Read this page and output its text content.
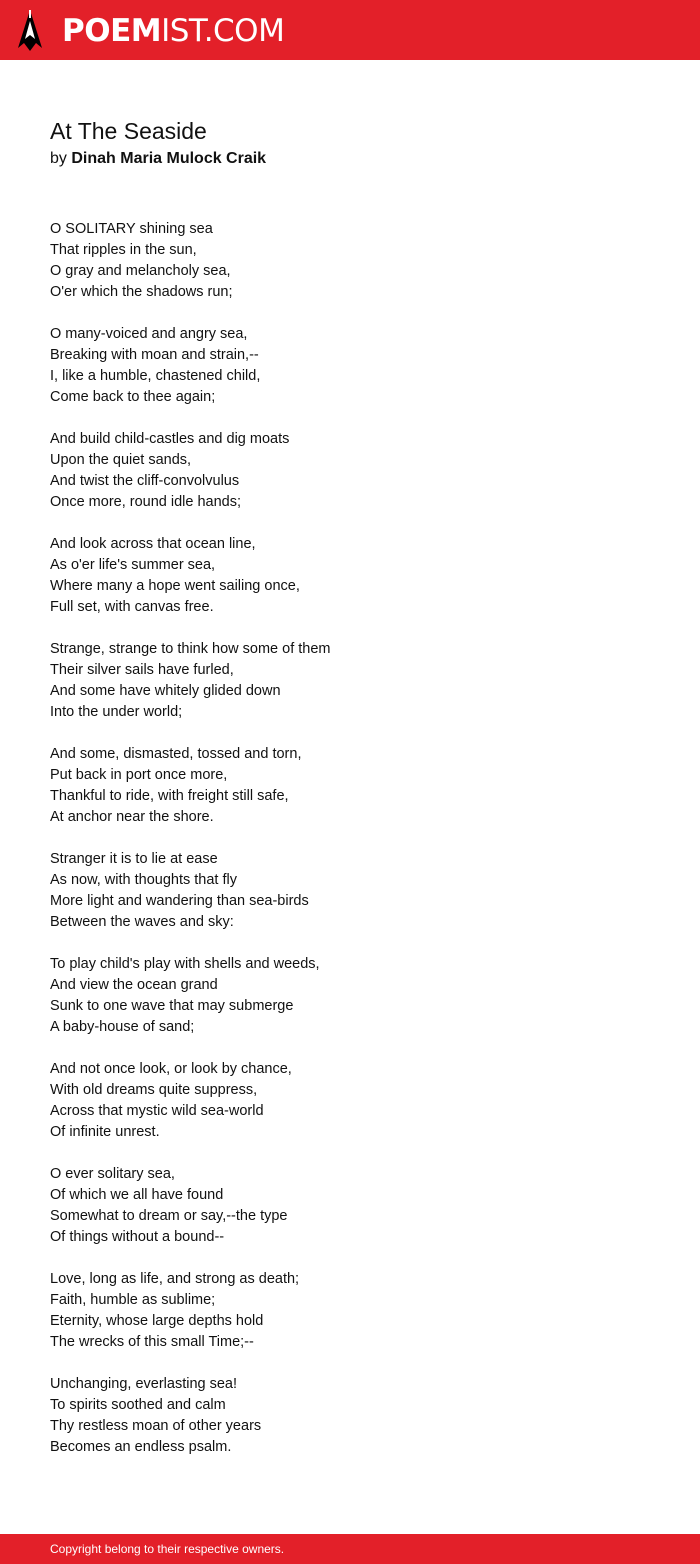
POEMIST.COM
At The Seaside
by Dinah Maria Mulock Craik
O SOLITARY shining sea
That ripples in the sun,
O gray and melancholy sea,
O'er which the shadows run;
O many-voiced and angry sea,
Breaking with moan and strain,--
I, like a humble, chastened child,
Come back to thee again;
And build child-castles and dig moats
Upon the quiet sands,
And twist the cliff-convolvulus
Once more, round idle hands;
And look across that ocean line,
As o'er life's summer sea,
Where many a hope went sailing once,
Full set, with canvas free.
Strange, strange to think how some of them
Their silver sails have furled,
And some have whitely glided down
Into the under world;
And some, dismasted, tossed and torn,
Put back in port once more,
Thankful to ride, with freight still safe,
At anchor near the shore.
Stranger it is to lie at ease
As now, with thoughts that fly
More light and wandering than sea-birds
Between the waves and sky:
To play child's play with shells and weeds,
And view the ocean grand
Sunk to one wave that may submerge
A baby-house of sand;
And not once look, or look by chance,
With old dreams quite suppress,
Across that mystic wild sea-world
Of infinite unrest.
O ever solitary sea,
Of which we all have found
Somewhat to dream or say,--the type
Of things without a bound--
Love, long as life, and strong as death;
Faith, humble as sublime;
Eternity, whose large depths hold
The wrecks of this small Time;--
Unchanging, everlasting sea!
To spirits soothed and calm
Thy restless moan of other years
Becomes an endless psalm.
Copyright belong to their respective owners.
